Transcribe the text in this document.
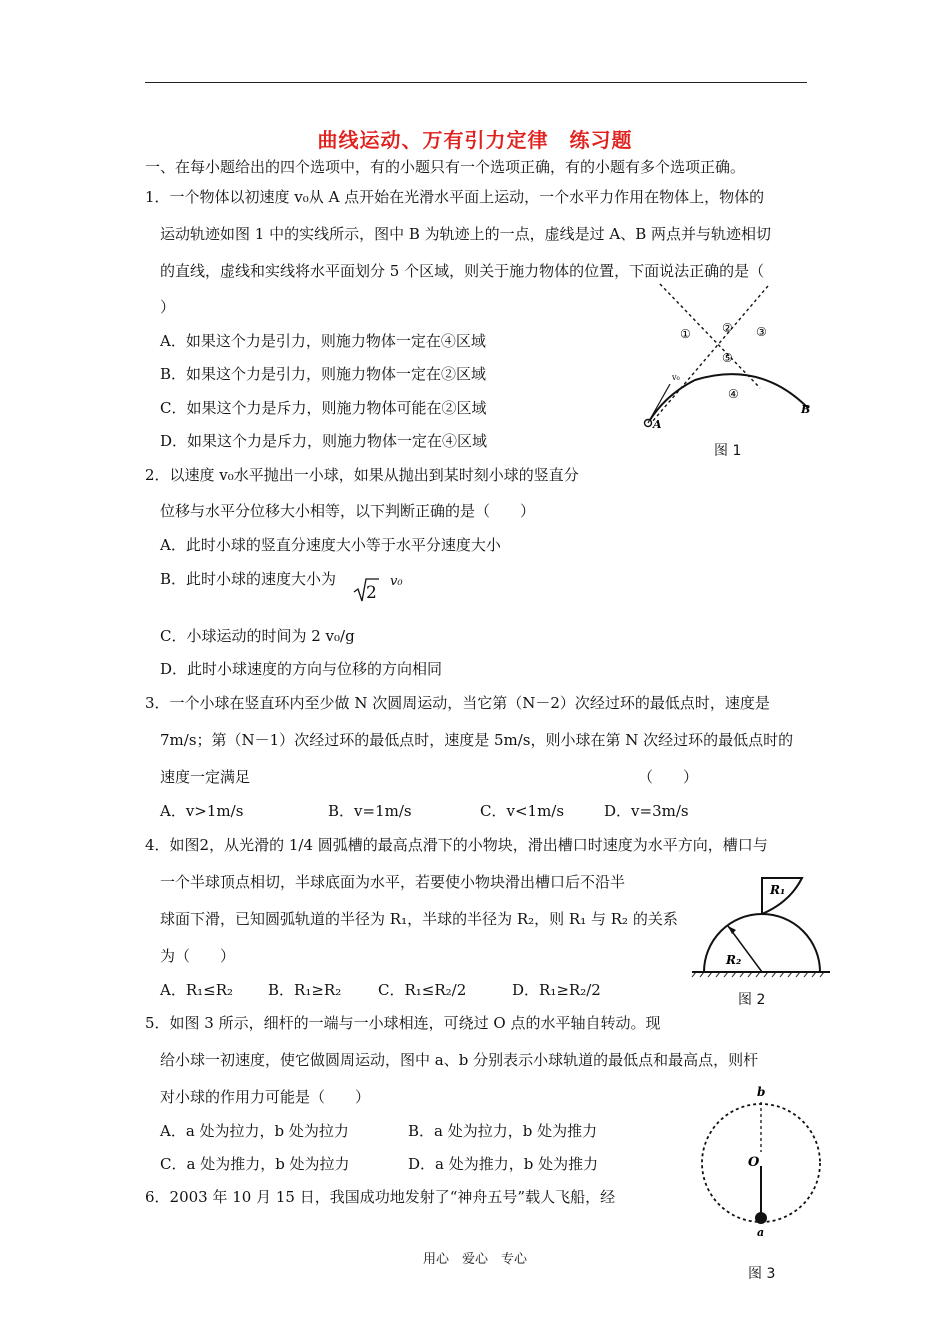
曲线运动、万有引力定律　练习题
一、在每小题给出的四个选项中，有的小题只有一个选项正确，有的小题有多个选项正确。
1．一个物体以初速度 v₀从 A 点开始在光滑水平面上运动，一个水平力作用在物体上，物体的
运动轨迹如图 1 中的实线所示，图中 B 为轨迹上的一点，虚线是过 A、B 两点并与轨迹相切
的直线，虚线和实线将水平面划分 5 个区域，则关于施力物体的位置，下面说法正确的是（
）
A．如果这个力是引力，则施力物体一定在④区域
B．如果这个力是引力，则施力物体一定在②区域
C．如果这个力是斥力，则施力物体可能在②区域
D．如果这个力是斥力，则施力物体一定在④区域
②
①	③
⑤
④
A
B
v₀
图 1
2．以速度 v₀水平抛出一小球，如果从抛出到某时刻小球的竖直分
位移与水平分位移大小相等，以下判断正确的是（　　）
A．此时小球的竖直分速度大小等于水平分速度大小
B．此时小球的速度大小为
2
v₀
C．小球运动的时间为 2 v₀/g
D．此时小球速度的方向与位移的方向相同
3．一个小球在竖直环内至少做 N 次圆周运动，当它第（N－2）次经过环的最低点时，速度是
7m/s；第（N－1）次经过环的最低点时，速度是 5m/s，则小球在第 N 次经过环的最低点时的
速度一定满足	（　　）
A．v>1m/s	B．v=1m/s	C．v<1m/s	D．v=3m/s
4．如图2，从光滑的 1/4 圆弧槽的最高点滑下的小物块，滑出槽口时速度为水平方向，槽口与
一个半球顶点相切，半球底面为水平，若要使小物块滑出槽口后不沿半
球面下滑，已知圆弧轨道的半径为 R₁，半球的半径为 R₂，则 R₁ 与 R₂ 的关系
为（　　）
A．R₁≤R₂ B．R₁≥R₂ C．R₁≤R₂/2	D．R₁≥R₂/2
R₁
R₂
图 2
5．如图 3 所示，细杆的一端与一小球相连，可绕过 O 点的水平轴自转动。现
给小球一初速度，使它做圆周运动，图中 a、b 分别表示小球轨道的最低点和最高点，则杆
对小球的作用力可能是（　　）
A．a 处为拉力，b 处为拉力	B．a 处为拉力，b 处为推力
C．a 处为推力，b 处为拉力	D．a 处为推力，b 处为推力
b
O
a
图 3
6．2003 年 10 月 15 日，我国成功地发射了“神舟五号”载人飞船，经
用心　爱心　专心
